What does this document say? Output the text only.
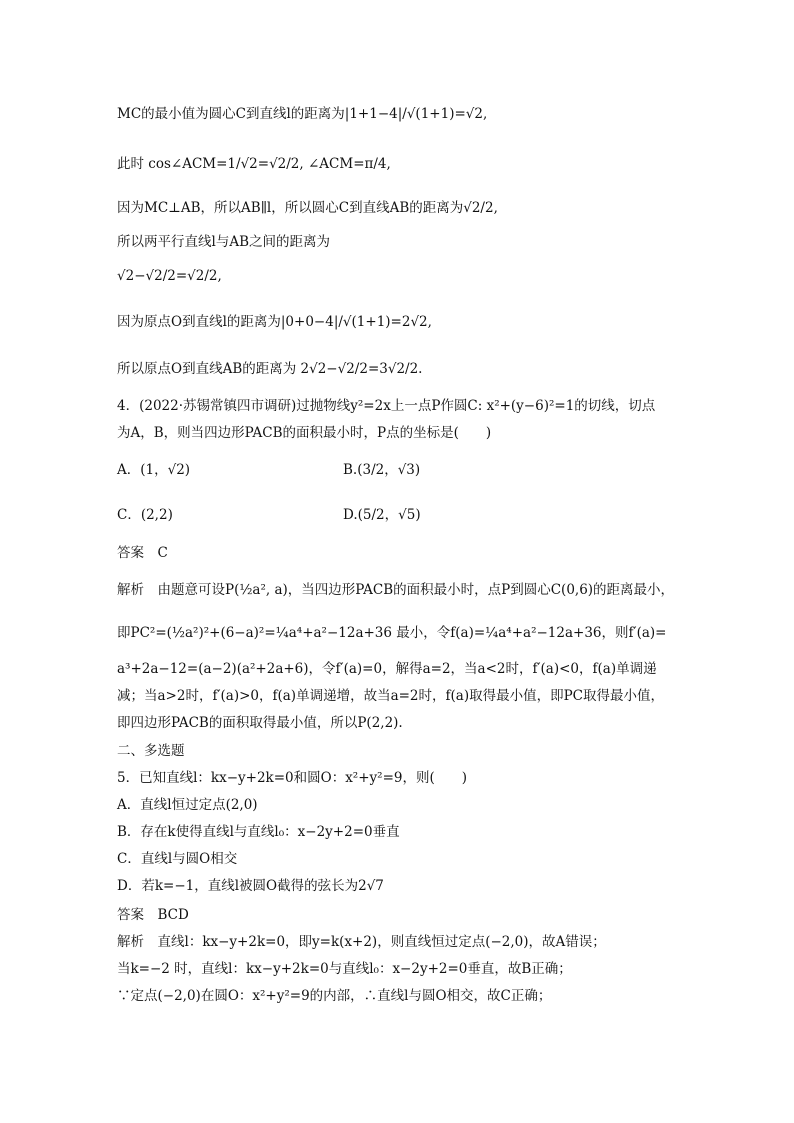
MC的最小值为圆心C到直线l的距离为|1+1−4|/√(1+1)=√2,
此时 cos∠ACM=1/√2=√2/2, ∠ACM=π/4,
因为MC⊥AB，所以AB∥l，所以圆心C到直线AB的距离为√2/2,
所以两平行直线l与AB之间的距离为
√2−√2/2=√2/2,
因为原点O到直线l的距离为|0+0−4|/√(1+1)=2√2,
所以原点O到直线AB的距离为 2√2−√2/2=3√2/2.
4．(2022·苏锡常镇四市调研)过抛物线y²=2x上一点P作圆C: x²+(y−6)²=1的切线，切点
为A，B，则当四边形PACB的面积最小时，P点的坐标是(　　)
A．(1，√2)	B.(3/2，√3)
C．(2,2)	D.(5/2，√5)
答案　C
解析　由题意可设P(½a², a)，当四边形PACB的面积最小时，点P到圆心C(0,6)的距离最小，
即PC²=(½a²)²+(6−a)²=¼a⁴+a²−12a+36 最小，令f(a)=¼a⁴+a²−12a+36，则f′(a)=
a³+2a−12=(a−2)(a²+2a+6)，令f′(a)=0，解得a=2，当a<2时，f′(a)<0，f(a)单调递
减；当a>2时，f′(a)>0，f(a)单调递增，故当a=2时，f(a)取得最小值，即PC取得最小值，
即四边形PACB的面积取得最小值，所以P(2,2).
二、多选题
5．已知直线l：kx−y+2k=0和圆O：x²+y²=9，则(　　)
A．直线l恒过定点(2,0)
B．存在k使得直线l与直线l₀：x−2y+2=0垂直
C．直线l与圆O相交
D．若k=−1，直线l被圆O截得的弦长为2√7
答案　BCD
解析　直线l：kx−y+2k=0，即y=k(x+2)，则直线恒过定点(−2,0)，故A错误；
当k=−2 时，直线l：kx−y+2k=0与直线l₀：x−2y+2=0垂直，故B正确；
∵定点(−2,0)在圆O：x²+y²=9的内部，∴直线l与圆O相交，故C正确；
